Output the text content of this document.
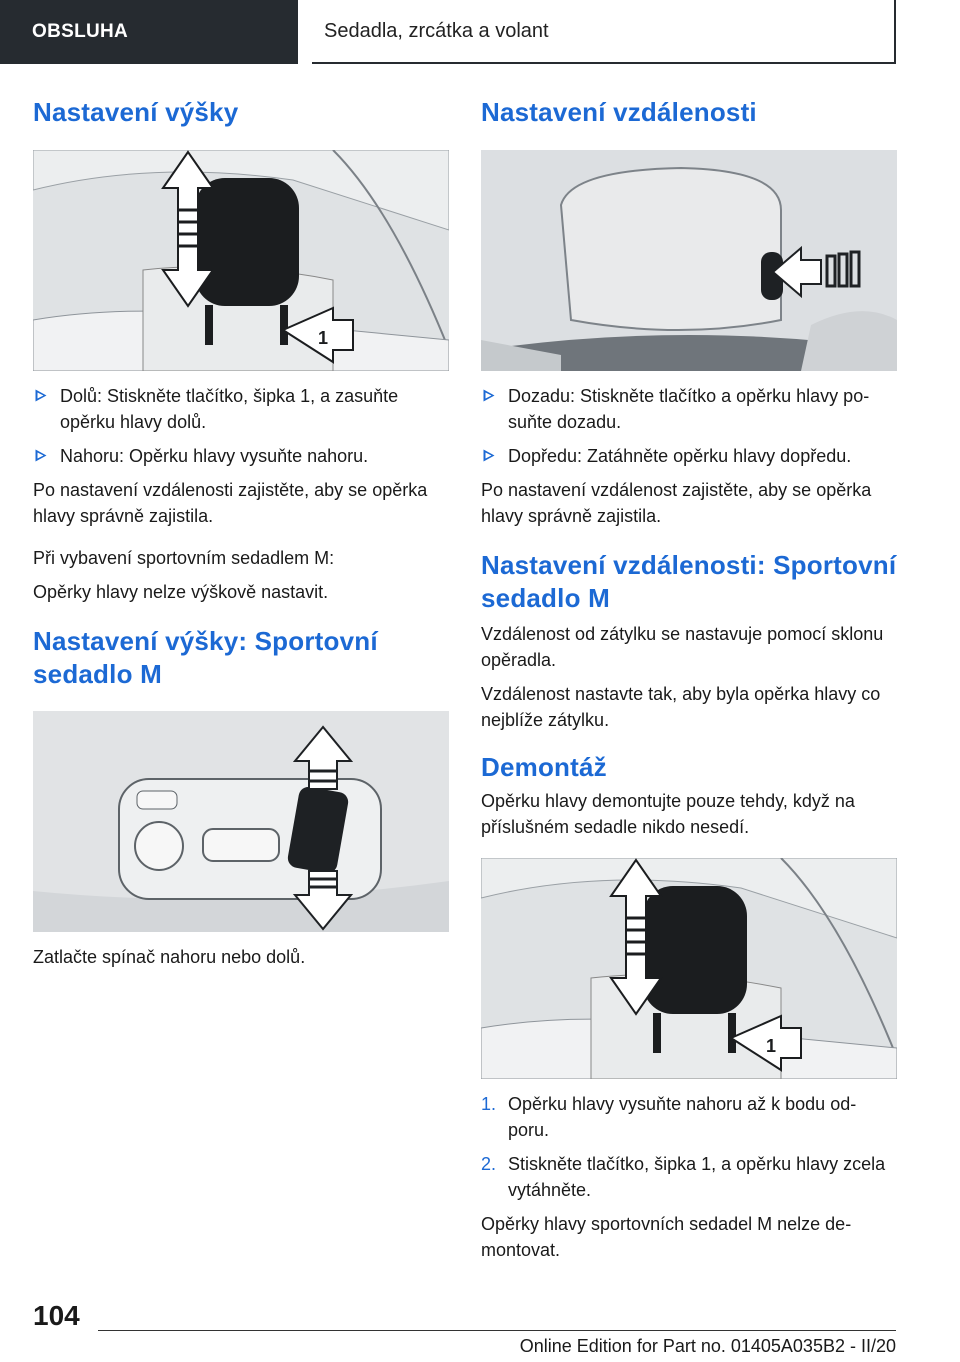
OBSLUHA	Sedadla, zrcátka a volant
Nastavení výšky
1
Dolů: Stiskněte tlačítko, šipka 1, a zasuňte opěrku hlavy dolů.
Nahoru: Opěrku hlavy vysuňte nahoru.

Po nastavení vzdálenosti zajistěte, aby se opěrka hlavy správně zajistila.

Při vybavení sportovním sedadlem M:

Opěrky hlavy nelze výškově nastavit.

Nastavení výšky: Sportovní sedadlo M

Zatlačte spínač nahoru nebo dolů.

Nastavení vzdálenosti
Dozadu: Stiskněte tlačítko a opěrku hlavy po-suňte dozadu.
Dopředu: Zatáhněte opěrku hlavy dopředu.

Po nastavení vzdálenost zajistěte, aby se opěrka hlavy správně zajistila.

Nastavení vzdálenosti: Sportovní sedadlo M

Vzdálenost od zátylku se nastavuje pomocí sklonu opěradla.

Vzdálenost nastavte tak, aby byla opěrka hlavy co nejblíže zátylku.

Demontáž

Opěrku hlavy demontujte pouze tehdy, když na příslušném sedadle nikdo nesedí.

1
1. Opěrku hlavy vysuňte nahoru až k bodu od-poru.
2. Stiskněte tlačítko, šipka 1, a opěrku hlavy zcela vytáhněte.

Opěrky hlavy sportovních sedadel M nelze de-montovat.

104
Online Edition for Part no. 01405A035B2 - II/20
